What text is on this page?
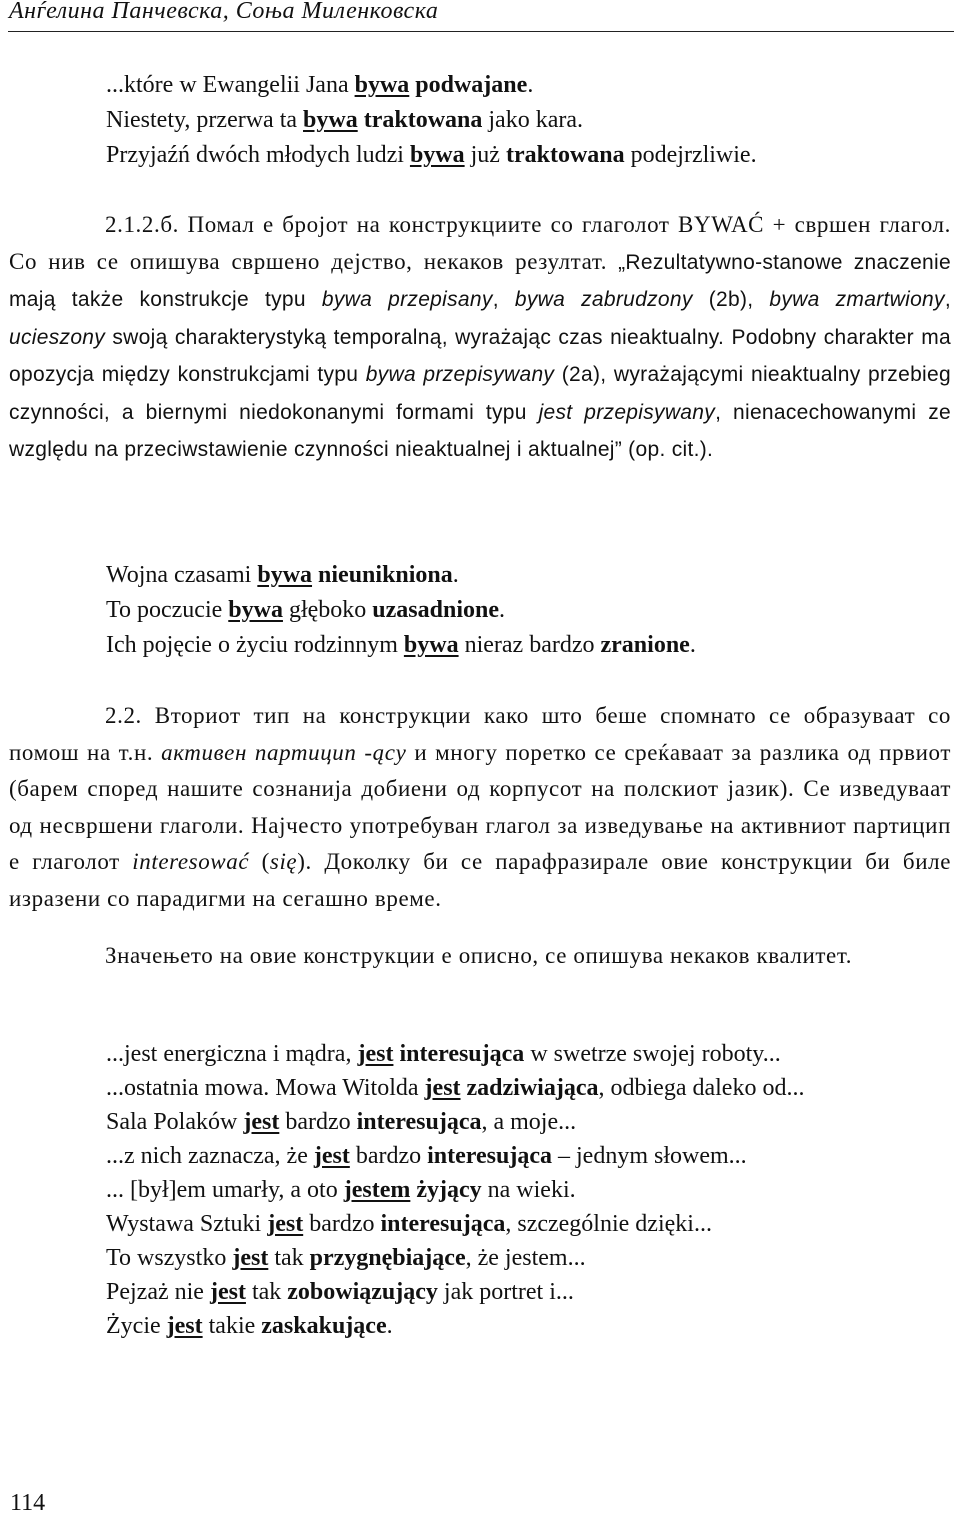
Анѓелина Панчевска, Соња Миленковска
...które w Ewangelii Jana bywa podwajane.
Niestety, przerwa ta bywa traktowana jako kara.
Przyjaźń dwóch młodych ludzi bywa już traktowana podejrzliwie.
2.1.2.б. Помал е бројот на конструкциите со глаголот BYWAĆ + свршен глагол. Со нив се опишува свршено дејство, некаков резултат. „Rezultatywno-stanowe znaczenie mają także konstrukcje typu bywa przepisany, bywa zabrudzony (2b), bywa zmartwiony, ucieszony swoją charakterystyką temporalną, wyrażając czas nieaktualny. Podobny charakter ma opozycja między konstrukcjami typu bywa przepisywany (2a), wyrażającymi nieaktualny przebieg czynności, a biernymi niedokonanymi formami typu jest przepisywany, nienacechowanymi ze względu na przeciwstawienie czynności nieaktualnej i aktualnej” (op. cit.).
Wojna czasami bywa nieuniknіona.
To poczucie bywa głęboko uzasadnione.
Ich pojęcie o życiu rodzinnym bywa nieraz bardzo zranione.
2.2. Вториот тип на конструкции како што беше спомнато се образуваат со помош на т.н. активен партицип -ący и многу поретко се среќаваат за разлика од првиот (барем според нашите сознанија добиени од корпусот на полскиот јазик). Се изведуваат од несвршени глаголи. Најчесто употребуван глагол за изведување на активниот партицип е глаголот interesować (się). Доколку би се парафразирале овие конструкции би биле изразени со парадигми на сегашно време.
Значењето на овие конструкции е описно, се опишува некаков квалитет.
...jest energiczna i mądra, jest interesująca w swetrze swojej roboty...
...ostatnia mowa. Mowa Witolda jest zadziwiająca, odbiega daleko od...
Sala Polaków jest bardzo interesująca, a moje...
...z nich zaznacza, że jest bardzo interesująca – jednym słowem...
... [był]em umarły, a oto jestem żyjący na wieki.
Wystawa Sztuki jest bardzo interesująca, szczególnie dzięki...
To wszystko jest tak przygnębiające, że jestem...
Pejzaż nie jest tak zobowiązujący jak portret i...
Życie jest takie zaskakujące.
114
